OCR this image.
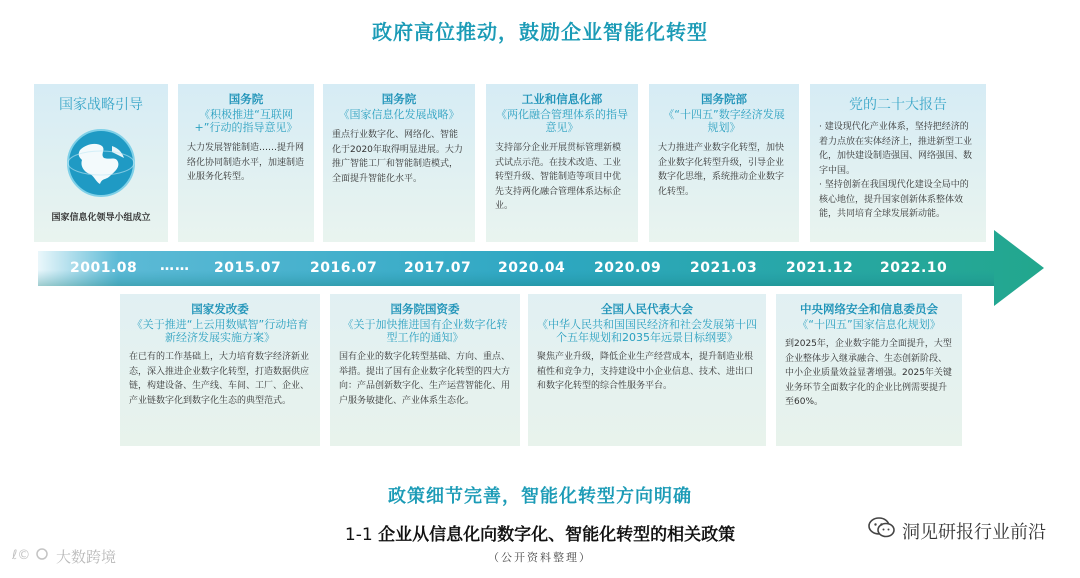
政府高位推动，鼓励企业智能化转型
国家战略引导
国家信息化领导小组成立
国务院
《积极推进“互联网+”行动的指导意见》
大力发展智能制造……提升网络化协同制造水平，加速制造业服务化转型。
国务院
《国家信息化发展战略》
重点行业数字化、网络化、智能化于2020年取得明显进展。大力推广智能工厂和智能制造模式，全面提升智能化水平。
工业和信息化部
《两化融合管理体系的指导意见》
支持部分企业开展贯标管理新模式试点示范。在技术改造、工业转型升级、智能制造等项目中优先支持两化融合管理体系达标企业。
国务院部
《“十四五”数字经济发展规划》
大力推进产业数字化转型，加快企业数字化转型升级，引导企业数字化思维，系统推动企业数字化转型。
党的二十大报告
· 建设现代化产业体系，坚持把经济的着力点放在实体经济上，推进新型工业化，加快建设制造强国、网络强国、数字中国。
· 坚持创新在我国现代化建设全局中的核心地位，提升国家创新体系整体效能，共同培育全球发展新动能。
2001.08 …… 2015.07 2016.07 2017.07 2020.04 2020.09 2021.03 2021.12 2022.10
国家发改委
《关于推进“上云用数赋智”行动培育新经济发展实施方案》
在已有的工作基础上，大力培育数字经济新业态，深入推进企业数字化转型，打造数据供应链，构建设备、生产线、车间、工厂、企业、产业链数字化到数字化生态的典型范式。
国务院国资委
《关于加快推进国有企业数字化转型工作的通知》
国有企业的数字化转型基础、方向、重点、举措。提出了国有企业数字化转型的四大方向：产品创新数字化、生产运营智能化、用户服务敏捷化、产业体系生态化。
全国人民代表大会
《中华人民共和国国民经济和社会发展第十四个五年规划和2035年远景目标纲要》
聚焦产业升级，降低企业生产经营成本，提升制造业根植性和竞争力，支持建设中小企业信息、技术、进出口和数字化转型的综合性服务平台。
中央网络安全和信息委员会
《“十四五”国家信息化规划》
到2025年，企业数字能力全面提升，大型企业整体步入继承融合、生态创新阶段、中小企业质量效益显著增强。2025年关键业务环节全面数字化的企业比例需要提升至60%。
政策细节完善，智能化转型方向明确
1-1 企业从信息化向数字化、智能化转型的相关政策
（公开资料整理）
ℓ© 大数跨境
洞见研报行业前沿
